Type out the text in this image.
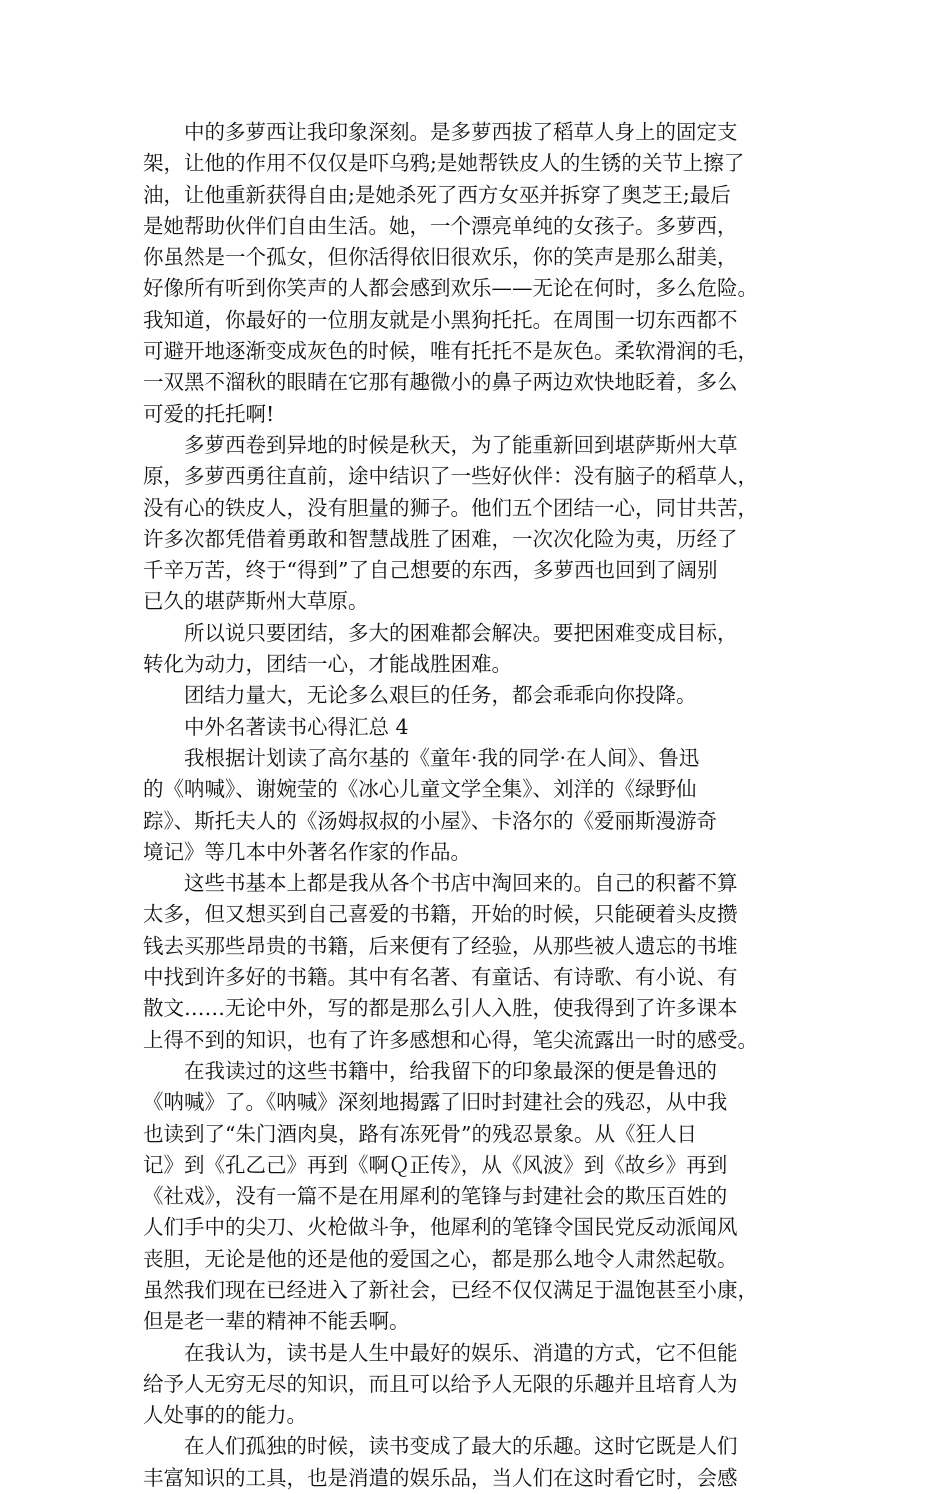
中的多萝西让我印象深刻。是多萝西拔了稻草人身上的固定支
架，让他的作用不仅仅是吓乌鸦;是她帮铁皮人的生锈的关节上擦了
油，让他重新获得自由;是她杀死了西方女巫并拆穿了奥芝王;最后
是她帮助伙伴们自由生活。她，一个漂亮单纯的女孩子。多萝西，
你虽然是一个孤女，但你活得依旧很欢乐，你的笑声是那么甜美，
好像所有听到你笑声的人都会感到欢乐——无论在何时，多么危险。
我知道，你最好的一位朋友就是小黑狗托托。在周围一切东西都不
可避开地逐渐变成灰色的时候，唯有托托不是灰色。柔软滑润的毛，
一双黑不溜秋的眼睛在它那有趣微小的鼻子两边欢快地眨着，多么
可爱的托托啊!
多萝西卷到异地的时候是秋天，为了能重新回到堪萨斯州大草
原，多萝西勇往直前，途中结识了一些好伙伴：没有脑子的稻草人，
没有心的铁皮人，没有胆量的狮子。他们五个团结一心，同甘共苦，
许多次都凭借着勇敢和智慧战胜了困难，一次次化险为夷，历经了
千辛万苦，终于“得到”了自己想要的东西，多萝西也回到了阔别
已久的堪萨斯州大草原。
所以说只要团结，多大的困难都会解决。要把困难变成目标，
转化为动力，团结一心，才能战胜困难。
团结力量大，无论多么艰巨的任务，都会乖乖向你投降。
中外名著读书心得汇总 4
我根据计划读了高尔基的《童年·我的同学·在人间》、鲁迅
的《呐喊》、谢婉莹的《冰心儿童文学全集》、刘洋的《绿野仙
踪》、斯托夫人的《汤姆叔叔的小屋》、卡洛尔的《爱丽斯漫游奇
境记》等几本中外著名作家的作品。
这些书基本上都是我从各个书店中淘回来的。自己的积蓄不算
太多，但又想买到自己喜爱的书籍，开始的时候，只能硬着头皮攒
钱去买那些昂贵的书籍，后来便有了经验，从那些被人遗忘的书堆
中找到许多好的书籍。其中有名著、有童话、有诗歌、有小说、有
散文……无论中外，写的都是那么引人入胜，使我得到了许多课本
上得不到的知识，也有了许多感想和心得，笔尖流露出一时的感受。
在我读过的这些书籍中，给我留下的印象最深的便是鲁迅的
《呐喊》了。《呐喊》深刻地揭露了旧时封建社会的残忍，从中我
也读到了“朱门酒肉臭，路有冻死骨”的残忍景象。从《狂人日
记》到《孔乙己》再到《啊Ｑ正传》，从《风波》到《故乡》再到
《社戏》，没有一篇不是在用犀利的笔锋与封建社会的欺压百姓的
人们手中的尖刀、火枪做斗争，他犀利的笔锋令国民党反动派闻风
丧胆，无论是他的还是他的爱国之心，都是那么地令人肃然起敬。
虽然我们现在已经进入了新社会，已经不仅仅满足于温饱甚至小康，
但是老一辈的精神不能丢啊。
在我认为，读书是人生中最好的娱乐、消遣的方式，它不但能
给予人无穷无尽的知识，而且可以给予人无限的乐趣并且培育人为
人处事的的能力。
在人们孤独的时候，读书变成了最大的乐趣。这时它既是人们
丰富知识的工具，也是消遣的娱乐品，当人们在这时看它时，会感
